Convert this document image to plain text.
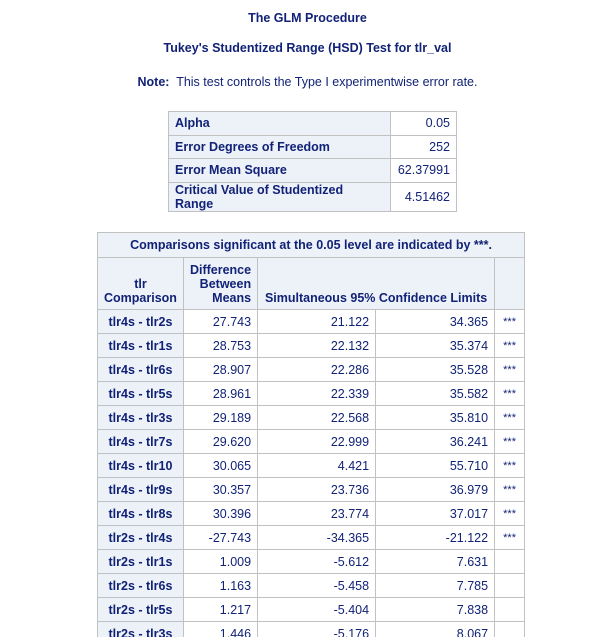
The GLM Procedure
Tukey's Studentized Range (HSD) Test for tlr_val
Note: This test controls the Type I experimentwise error rate.
Alpha	0.05
Error Degrees of Freedom	252
Error Mean Square	62.37991
Critical Value of Studentized Range	4.51462
Comparisons significant at the 0.05 level are indicated by ***.				
tlr
Comparison	Difference
Between
Means	Simultaneous 95% Confidence Limits		
tlr4s - tlr2s	27.743	21.122	34.365	***
tlr4s - tlr1s	28.753	22.132	35.374	***
tlr4s - tlr6s	28.907	22.286	35.528	***
tlr4s - tlr5s	28.961	22.339	35.582	***
tlr4s - tlr3s	29.189	22.568	35.810	***
tlr4s - tlr7s	29.620	22.999	36.241	***
tlr4s - tlr10	30.065	4.421	55.710	***
tlr4s - tlr9s	30.357	23.736	36.979	***
tlr4s - tlr8s	30.396	23.774	37.017	***
tlr2s - tlr4s	-27.743	-34.365	-21.122	***
tlr2s - tlr1s	1.009	-5.612	7.631	
tlr2s - tlr6s	1.163	-5.458	7.785	
tlr2s - tlr5s	1.217	-5.404	7.838	
tlr2s - tlr3s	1.446	-5.176	8.067	
